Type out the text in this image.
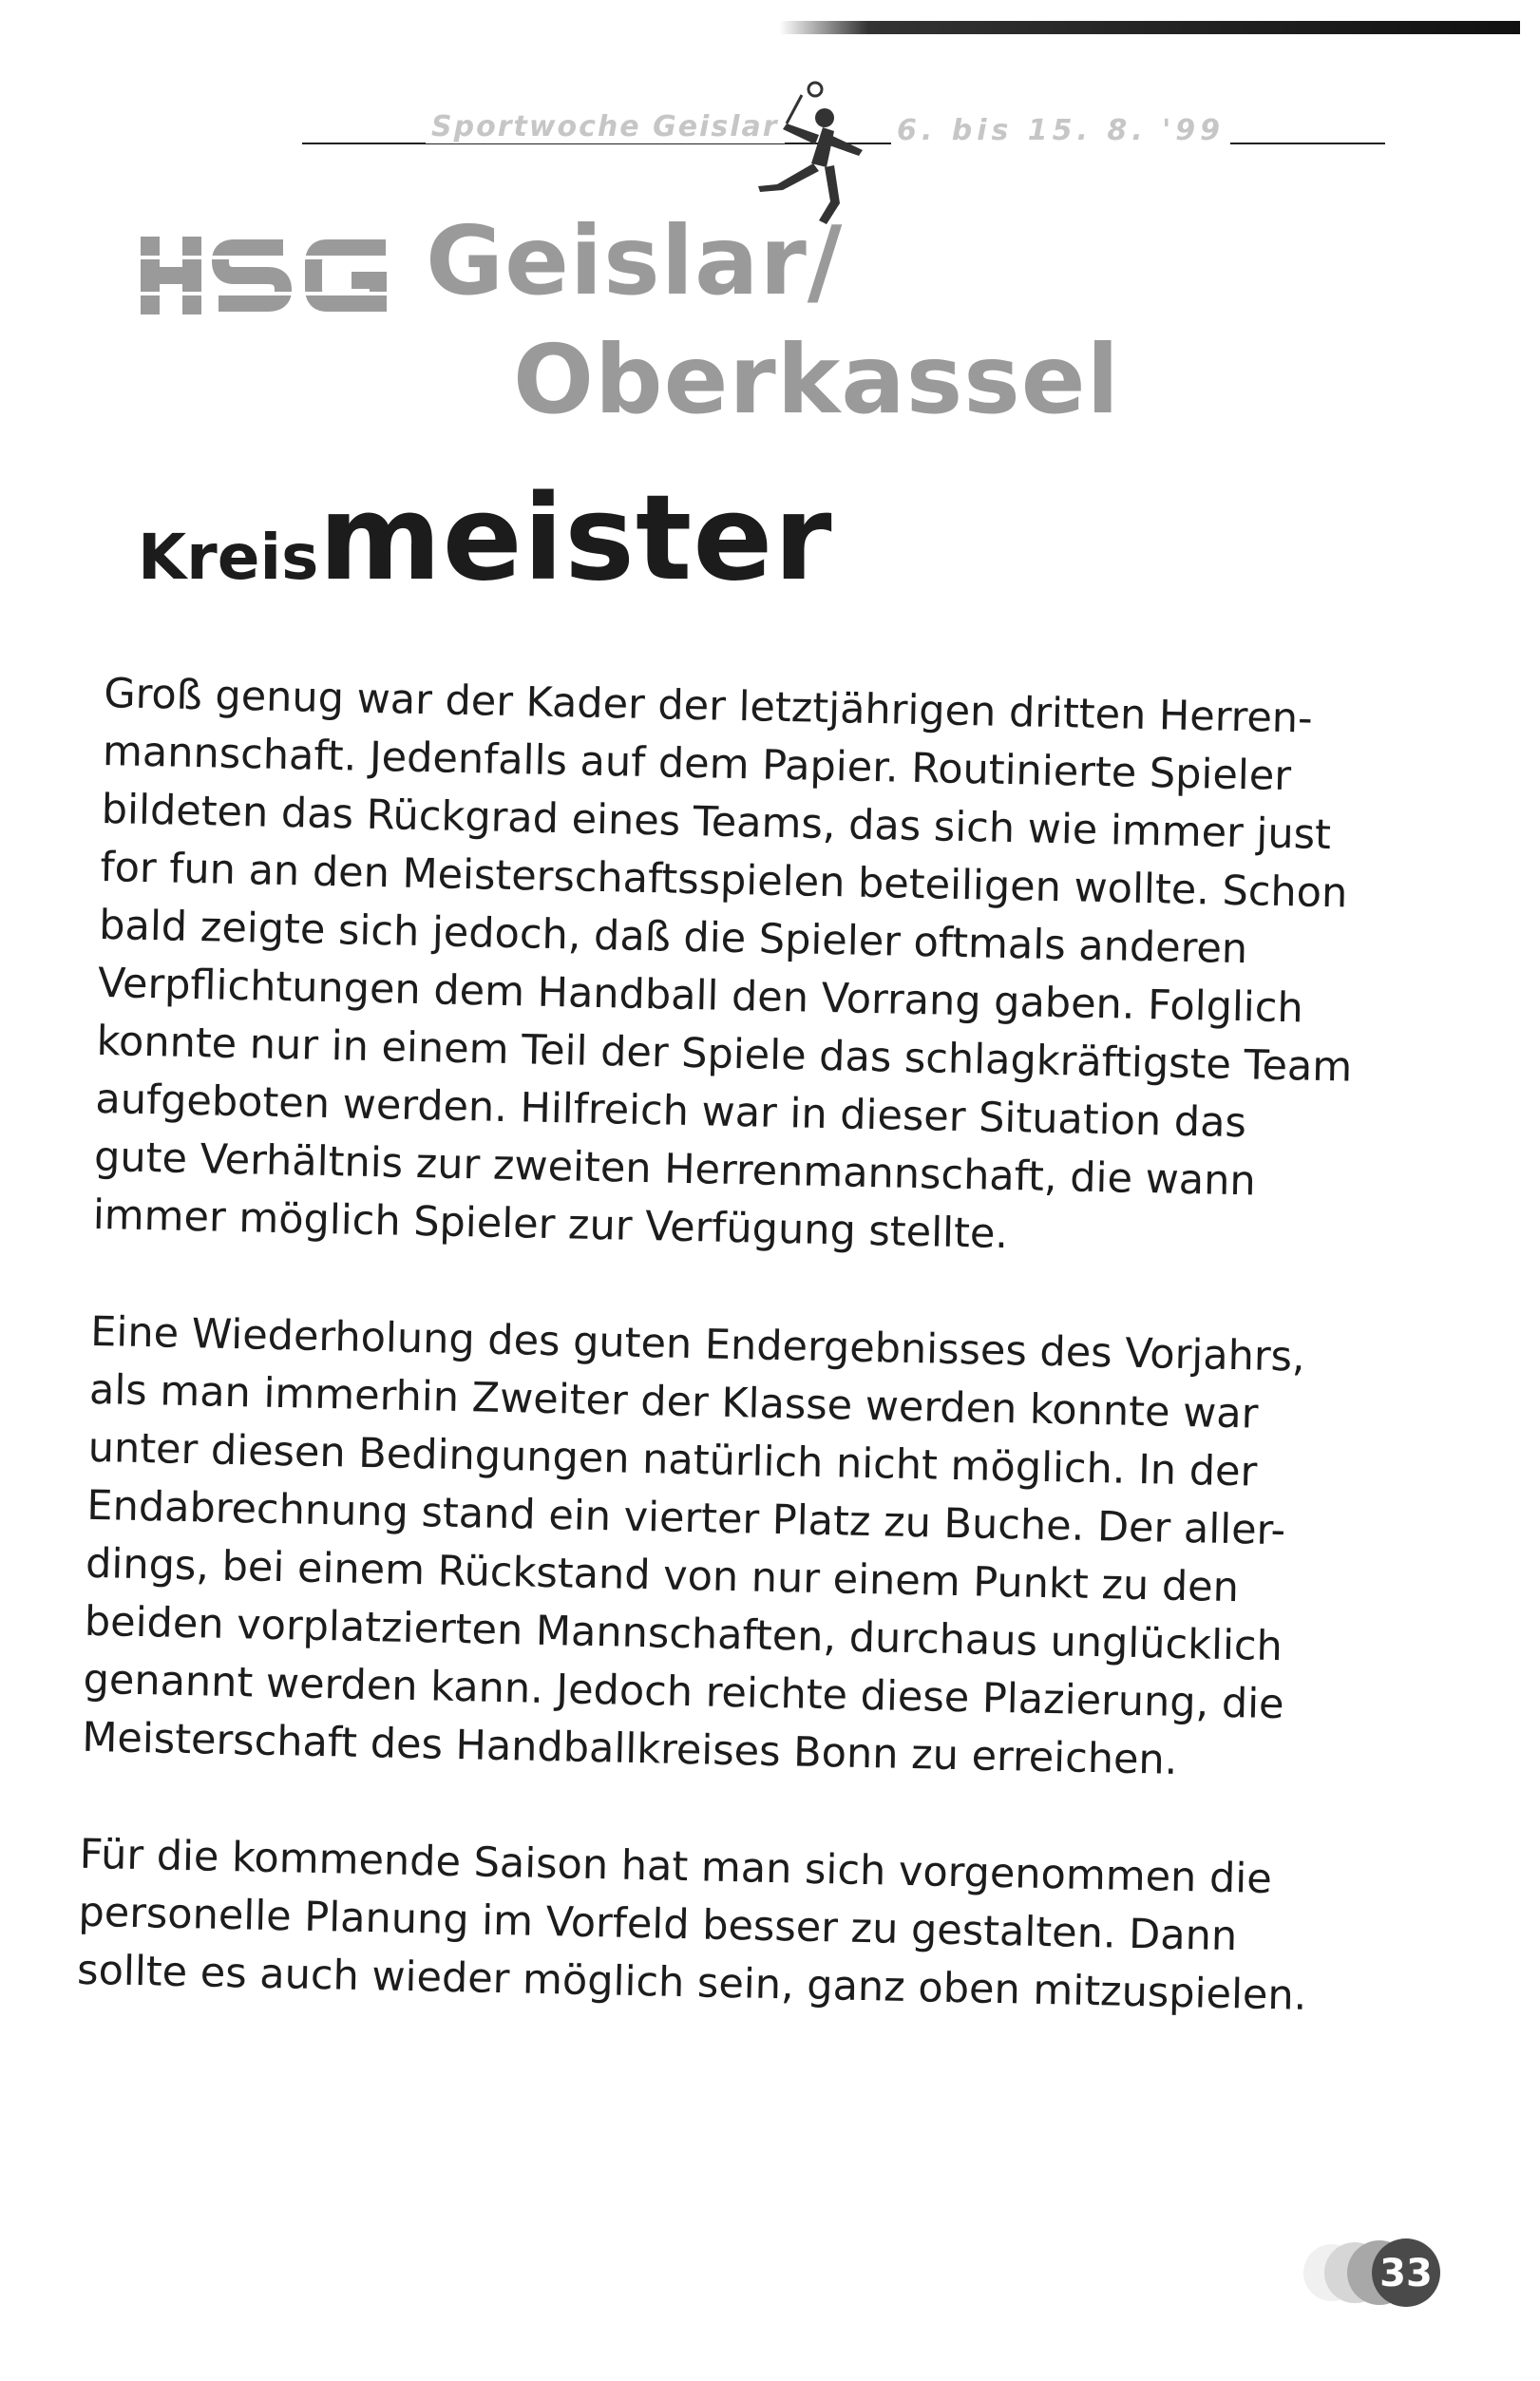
Sportwoche Geislar	6. bis 15. 8. '99
Geislar/
Oberkassel
Kreismeister

Groß genug war der Kader der letztjährigen dritten Herren-
mannschaft. Jedenfalls auf dem Papier. Routinierte Spieler
bildeten das Rückgrad eines Teams, das sich wie immer just
for fun an den Meisterschaftsspielen beteiligen wollte. Schon
bald zeigte sich jedoch, daß die Spieler oftmals anderen
Verpflichtungen dem Handball den Vorrang gaben. Folglich
konnte nur in einem Teil der Spiele das schlagkräftigste Team
aufgeboten werden. Hilfreich war in dieser Situation das
gute Verhältnis zur zweiten Herrenmannschaft, die wann
immer möglich Spieler zur Verfügung stellte.

Eine Wiederholung des guten Endergebnisses des Vorjahrs,
als man immerhin Zweiter der Klasse werden konnte war
unter diesen Bedingungen natürlich nicht möglich. In der
Endabrechnung stand ein vierter Platz zu Buche. Der aller-
dings, bei einem Rückstand von nur einem Punkt zu den
beiden vorplatzierten Mannschaften, durchaus unglücklich
genannt werden kann. Jedoch reichte diese Plazierung, die
Meisterschaft des Handballkreises Bonn zu erreichen.

Für die kommende Saison hat man sich vorgenommen die
personelle Planung im Vorfeld besser zu gestalten. Dann
sollte es auch wieder möglich sein, ganz oben mitzuspielen.

33
